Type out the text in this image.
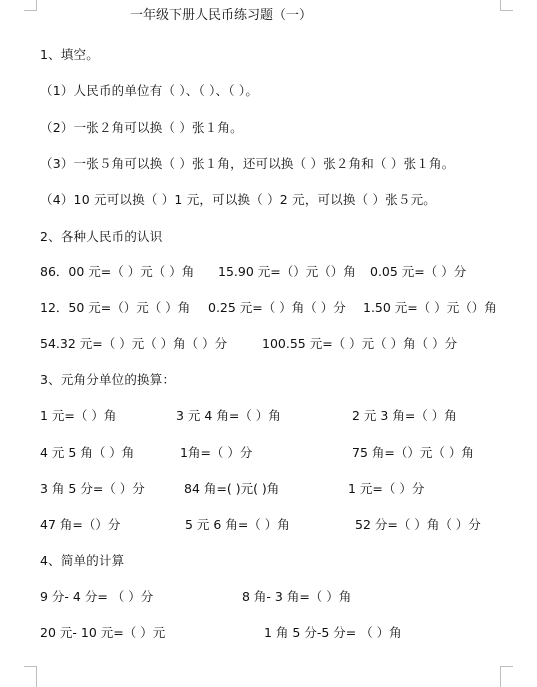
一年级下册人民币练习题（一）
1、填空。
（1）人民币的单位有（ ）、（ ）、（ ）。
（2）一张２角可以换（ ）张１角。
（3）一张５角可以换（ ）张１角，还可以换（ ）张２角和（ ）张１角。
（4）10 元可以换（ ）1 元，可以换（ ）2 元，可以换（ ）张５元。
2、各种人民币的认识
86．00 元=（ ）元（ ）角 15.90 元=（）元（）角 0.05 元=（ ）分
12．50 元=（）元（ ）角 0.25 元=（ ）角（ ）分 1.50 元=（ ）元（）角
54.32 元=（ ）元（ ）角（ ）分	100.55 元=（ ）元（ ）角（ ）分
3、元角分单位的换算：
1 元=（ ）角	3 元 4 角=（ ）角	2 元 3 角=（ ）角
4 元 5 角（ ）角	1角=（ ）分	75 角=（）元（ ）角
3 角 5 分=（ ）分	84 角=( )元( )角	1 元=（ ）分
47 角=（）分	5 元 6 角=（ ）角	52 分=（ ）角（ ）分
4、简单的计算
9 分- 4 分= （ ）分	8 角- 3 角=（ ）角
20 元- 10 元=（ ）元	1 角 5 分-5 分= （ ）角
